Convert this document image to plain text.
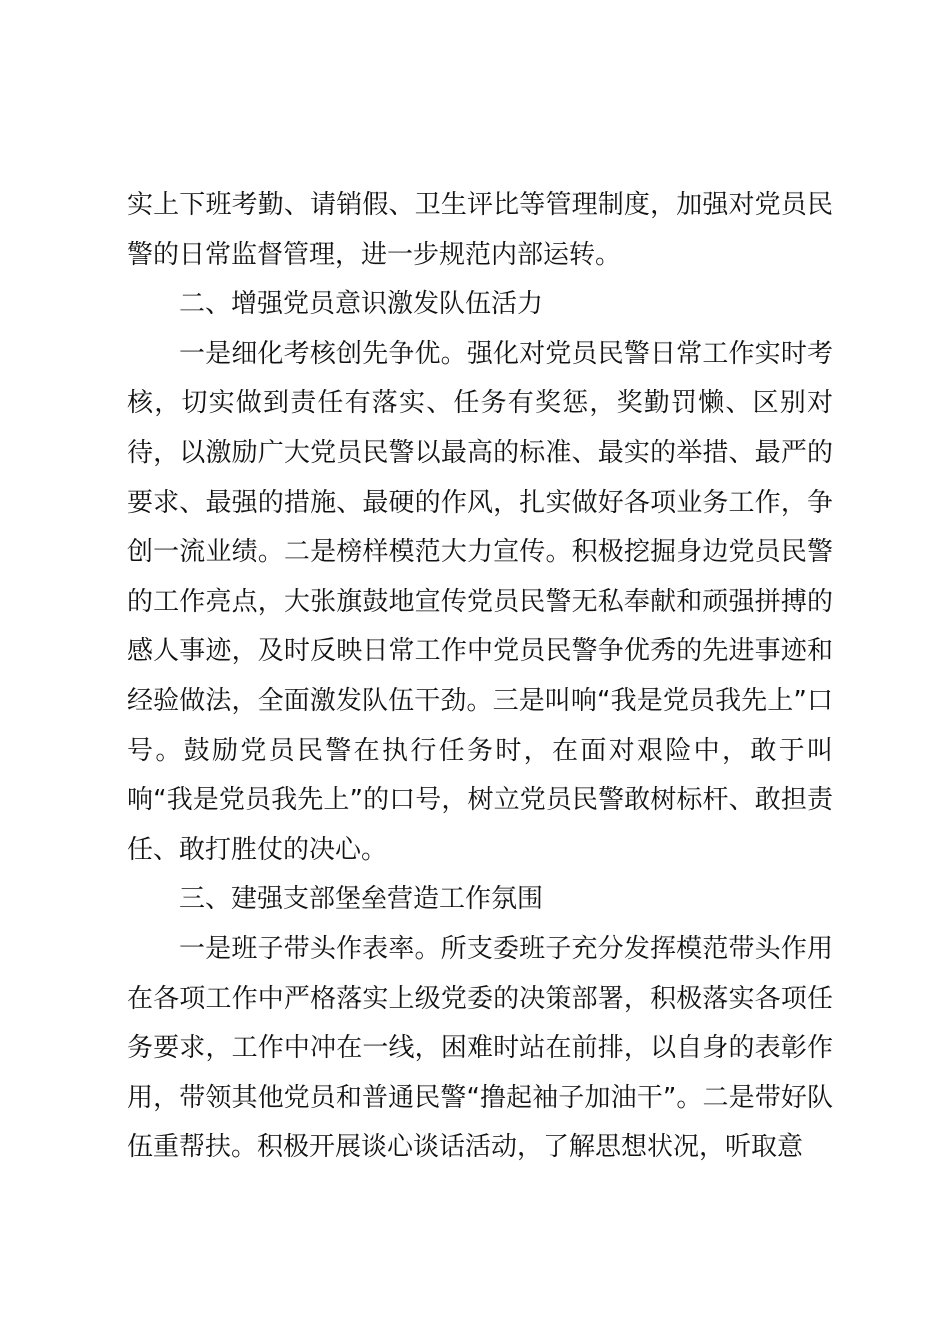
实上下班考勤、请销假、卫生评比等管理制度，加强对党员民警的日常监督管理，进一步规范内部运转。

二、增强党员意识激发队伍活力

一是细化考核创先争优。强化对党员民警日常工作实时考核，切实做到责任有落实、任务有奖惩，奖勤罚懒、区别对待，以激励广大党员民警以最高的标准、最实的举措、最严的要求、最强的措施、最硬的作风，扎实做好各项业务工作，争创一流业绩。二是榜样模范大力宣传。积极挖掘身边党员民警的工作亮点，大张旗鼓地宣传党员民警无私奉献和顽强拼搏的感人事迹，及时反映日常工作中党员民警争优秀的先进事迹和经验做法，全面激发队伍干劲。三是叫响“我是党员我先上”口号。鼓励党员民警在执行任务时，在面对艰险中，敢于叫响“我是党员我先上”的口号，树立党员民警敢树标杆、敢担责任、敢打胜仗的决心。

三、建强支部堡垒营造工作氛围

一是班子带头作表率。所支委班子充分发挥模范带头作用在各项工作中严格落实上级党委的决策部署，积极落实各项任务要求，工作中冲在一线，困难时站在前排，以自身的表彰作用，带领其他党员和普通民警“撸起袖子加油干”。二是带好队伍重帮扶。积极开展谈心谈话活动，了解思想状况，听取意
